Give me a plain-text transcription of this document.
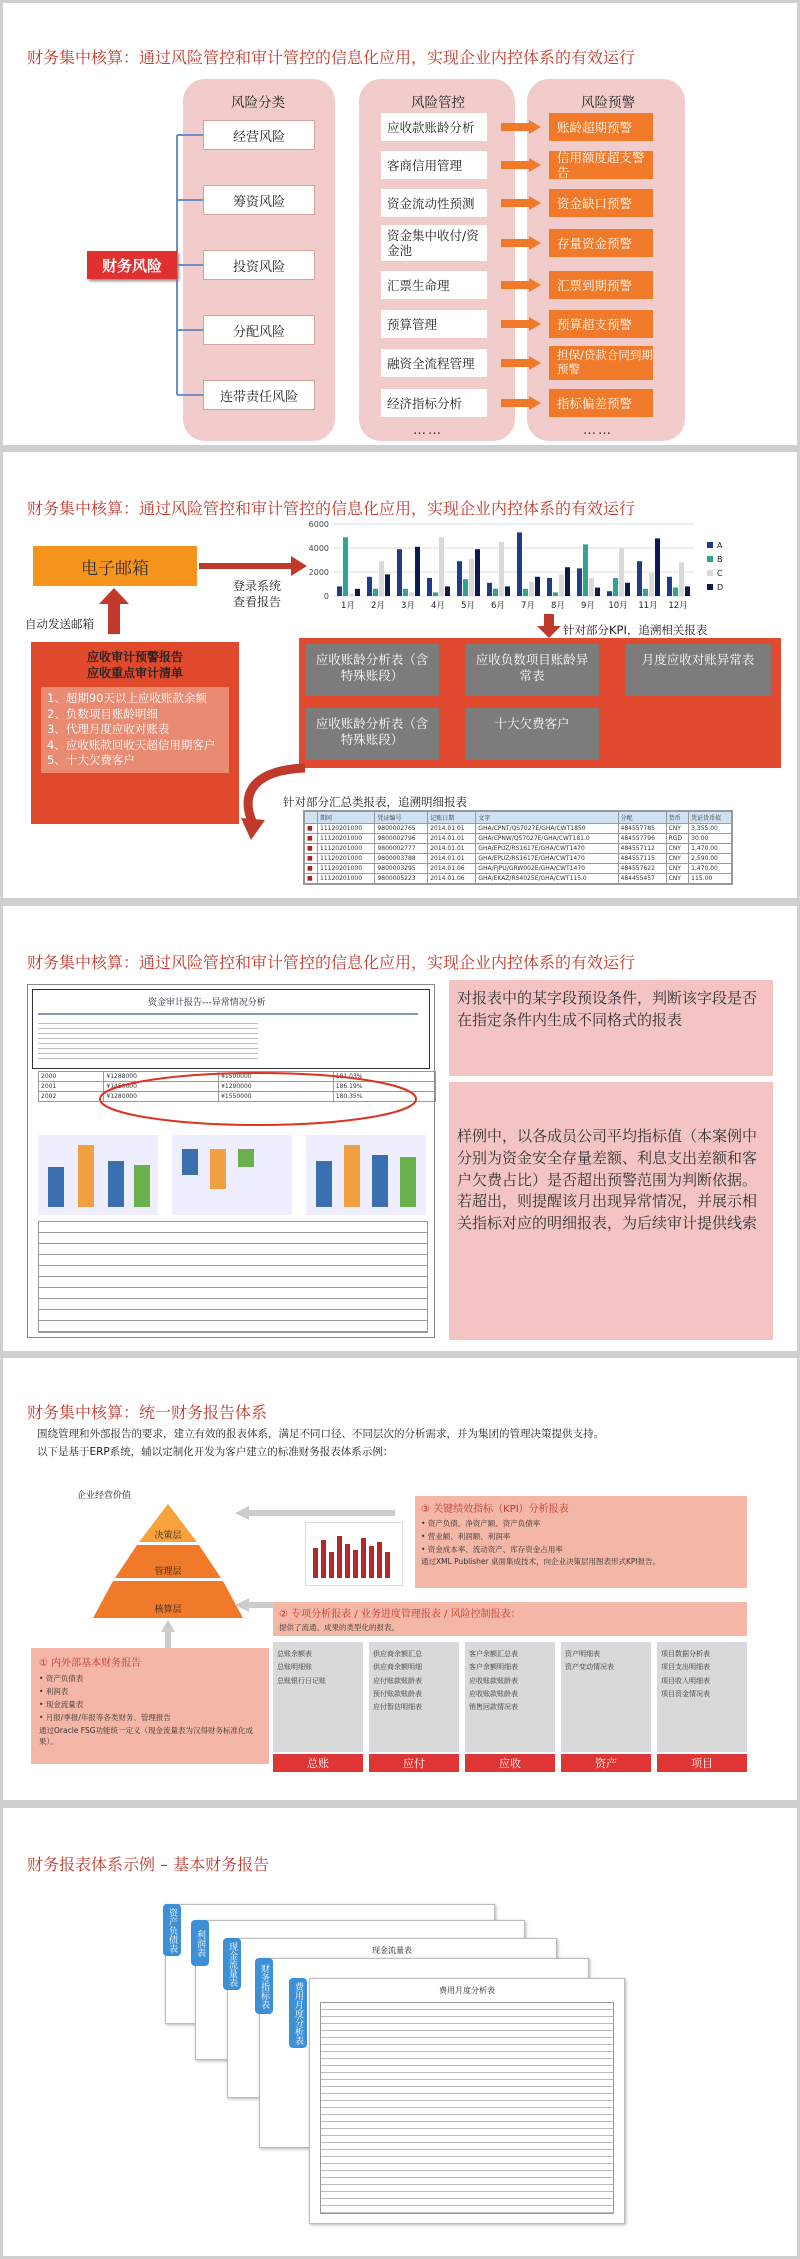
财务集中核算：通过风险管控和审计管控的信息化应用，实现企业内控体系的有效运行
风险分类	风险管控	风险预警
财务风险
经营风险
筹资风险
投资风险
分配风险
连带责任风险
应收款账龄分析
客商信用管理
资金流动性预测
资金集中收付/资金池
汇票生命理
预算管理
融资全流程管理
经济指标分析
账龄超期预警
信用额度超支警告
资金缺口预警
存量资金预警
汇票到期预警
预算超支预警
担保/贷款合同到期预警
指标偏差预警
……	……
财务集中核算：通过风险管控和审计管控的信息化应用，实现企业内控体系的有效运行
电子邮箱
登录系统
查看报告
自动发送邮箱
应收审计预警报告
应收重点审计清单
1、超期90天以上应收账款余额
2、负数项目账龄明细
3、代理月度应收对账表
4、应收账款回收天超信用期客户
5、十大欠费客户
6000
4000
2000
0
1月 2月 3月 4月 5月 6月 7月 8月 9月 10月 11月 12月
A
B
C
D
针对部分KPI，追溯相关报表
应收账龄分析表（含特殊账段）
应收负数项目账龄异常表
月度应收对账异常表
应收账龄分析表（含特殊账段）
十大欠费客户
针对部分汇总类报表，追溯明细报表
	期间	凭证编号	记账日期	文字	分配	货币	凭证货币值
■	11120201000	9800002765	2014.01.01	GHA/CPNT/QS7027E/GHA/CWT1850	484557785	CNY	3,355.00
■	11120201000	9800002796	2014.01.01	GHA/CPNW/QS7027E/GHA/CWT181.0	484557796	RGD	30.00
■	11120201000	9800002777	2014.01.01	GHA/EPUZ/RS1617E/GHA/CWT1470	484557112	CNY	1,470.00
■	11120201000	9800003788	2014.01.01	GHA/EPUZ/RS1617E/GHA/CWT1470	484557115	CNY	2,590.00
■	11120201000	9800003295	2014.01.06	GHA/FJPU/GRW002E/GHA/CWT1470	484557622	CNY	1,470.00
■	11120201000	9800005223	2014.01.06	GHA/EKAZ/RS4025E/GHA/CWT115.0	484455457	CNY	115.00
财务集中核算：通过风险管控和审计管控的信息化应用，实现企业内控体系的有效运行
资金审计报告---异常情况分析
2000	¥1288000	¥1500000	181.03%
2001	¥1450000	¥1290000	186.19%
2002	¥1280000	¥1550000	180.35%
对报表中的某字段预设条件，判断该字段是否在指定条件内生成不同格式的报表
样例中，以各成员公司平均指标值（本案例中分别为资金安全存量差额、利息支出差额和客户欠费占比）是否超出预警范围为判断依据。若超出，则提醒该月出现异常情况，并展示相关指标对应的明细报表，为后续审计提供线索
财务集中核算：统一财务报告体系
围绕管理和外部报告的要求，建立有效的报表体系，满足不同口径、不同层次的分析需求，并为集团的管理决策提供支持。
以下是基于ERP系统，辅以定制化开发为客户建立的标准财务报表体系示例：
企业经营价值
决策层
管理层
核算层
③ 关键绩效指标（KPI）分析报表
• 资产负债、净资产额、资产负债率
• 营业额、利润额、利润率
• 资金成本率、流动资产、库存资金占用率
通过XML Publisher 桌面集成技术，向企业决策层用图表形式KPI报告。
② 专项分析报表 / 业务进度管理报表 / 风险控制报表：
提供了流通、成果的类型化的报表。
① 内外部基本财务报告
• 资产负债表
• 利润表
• 现金流量表
• 月报/季报/年报等各类财务、管理报告
通过Oracle FSG功能统一定义（现金流量表为汉得财务标准化成果）。
总账余额表
总账明细账
总账银行日记账
总账
供应商余额汇总
供应商余额明细
应付账款账龄表
预付账款账龄表
应付暂估明细表
应付
客户余额汇总表
客户余额明细表
应收账款账龄表
应收账款账龄表
销售回款情况表
应收
资产明细表
资产变动情况表
资产
项目数据分析表
项目支出明细表
项目收入明细表
项目资金情况表
项目
财务报表体系示例 – 基本财务报告
现金流量表
费用月度分析表
资产负债表	利润表	现金流量表	财务指标表	费用月度分析表
